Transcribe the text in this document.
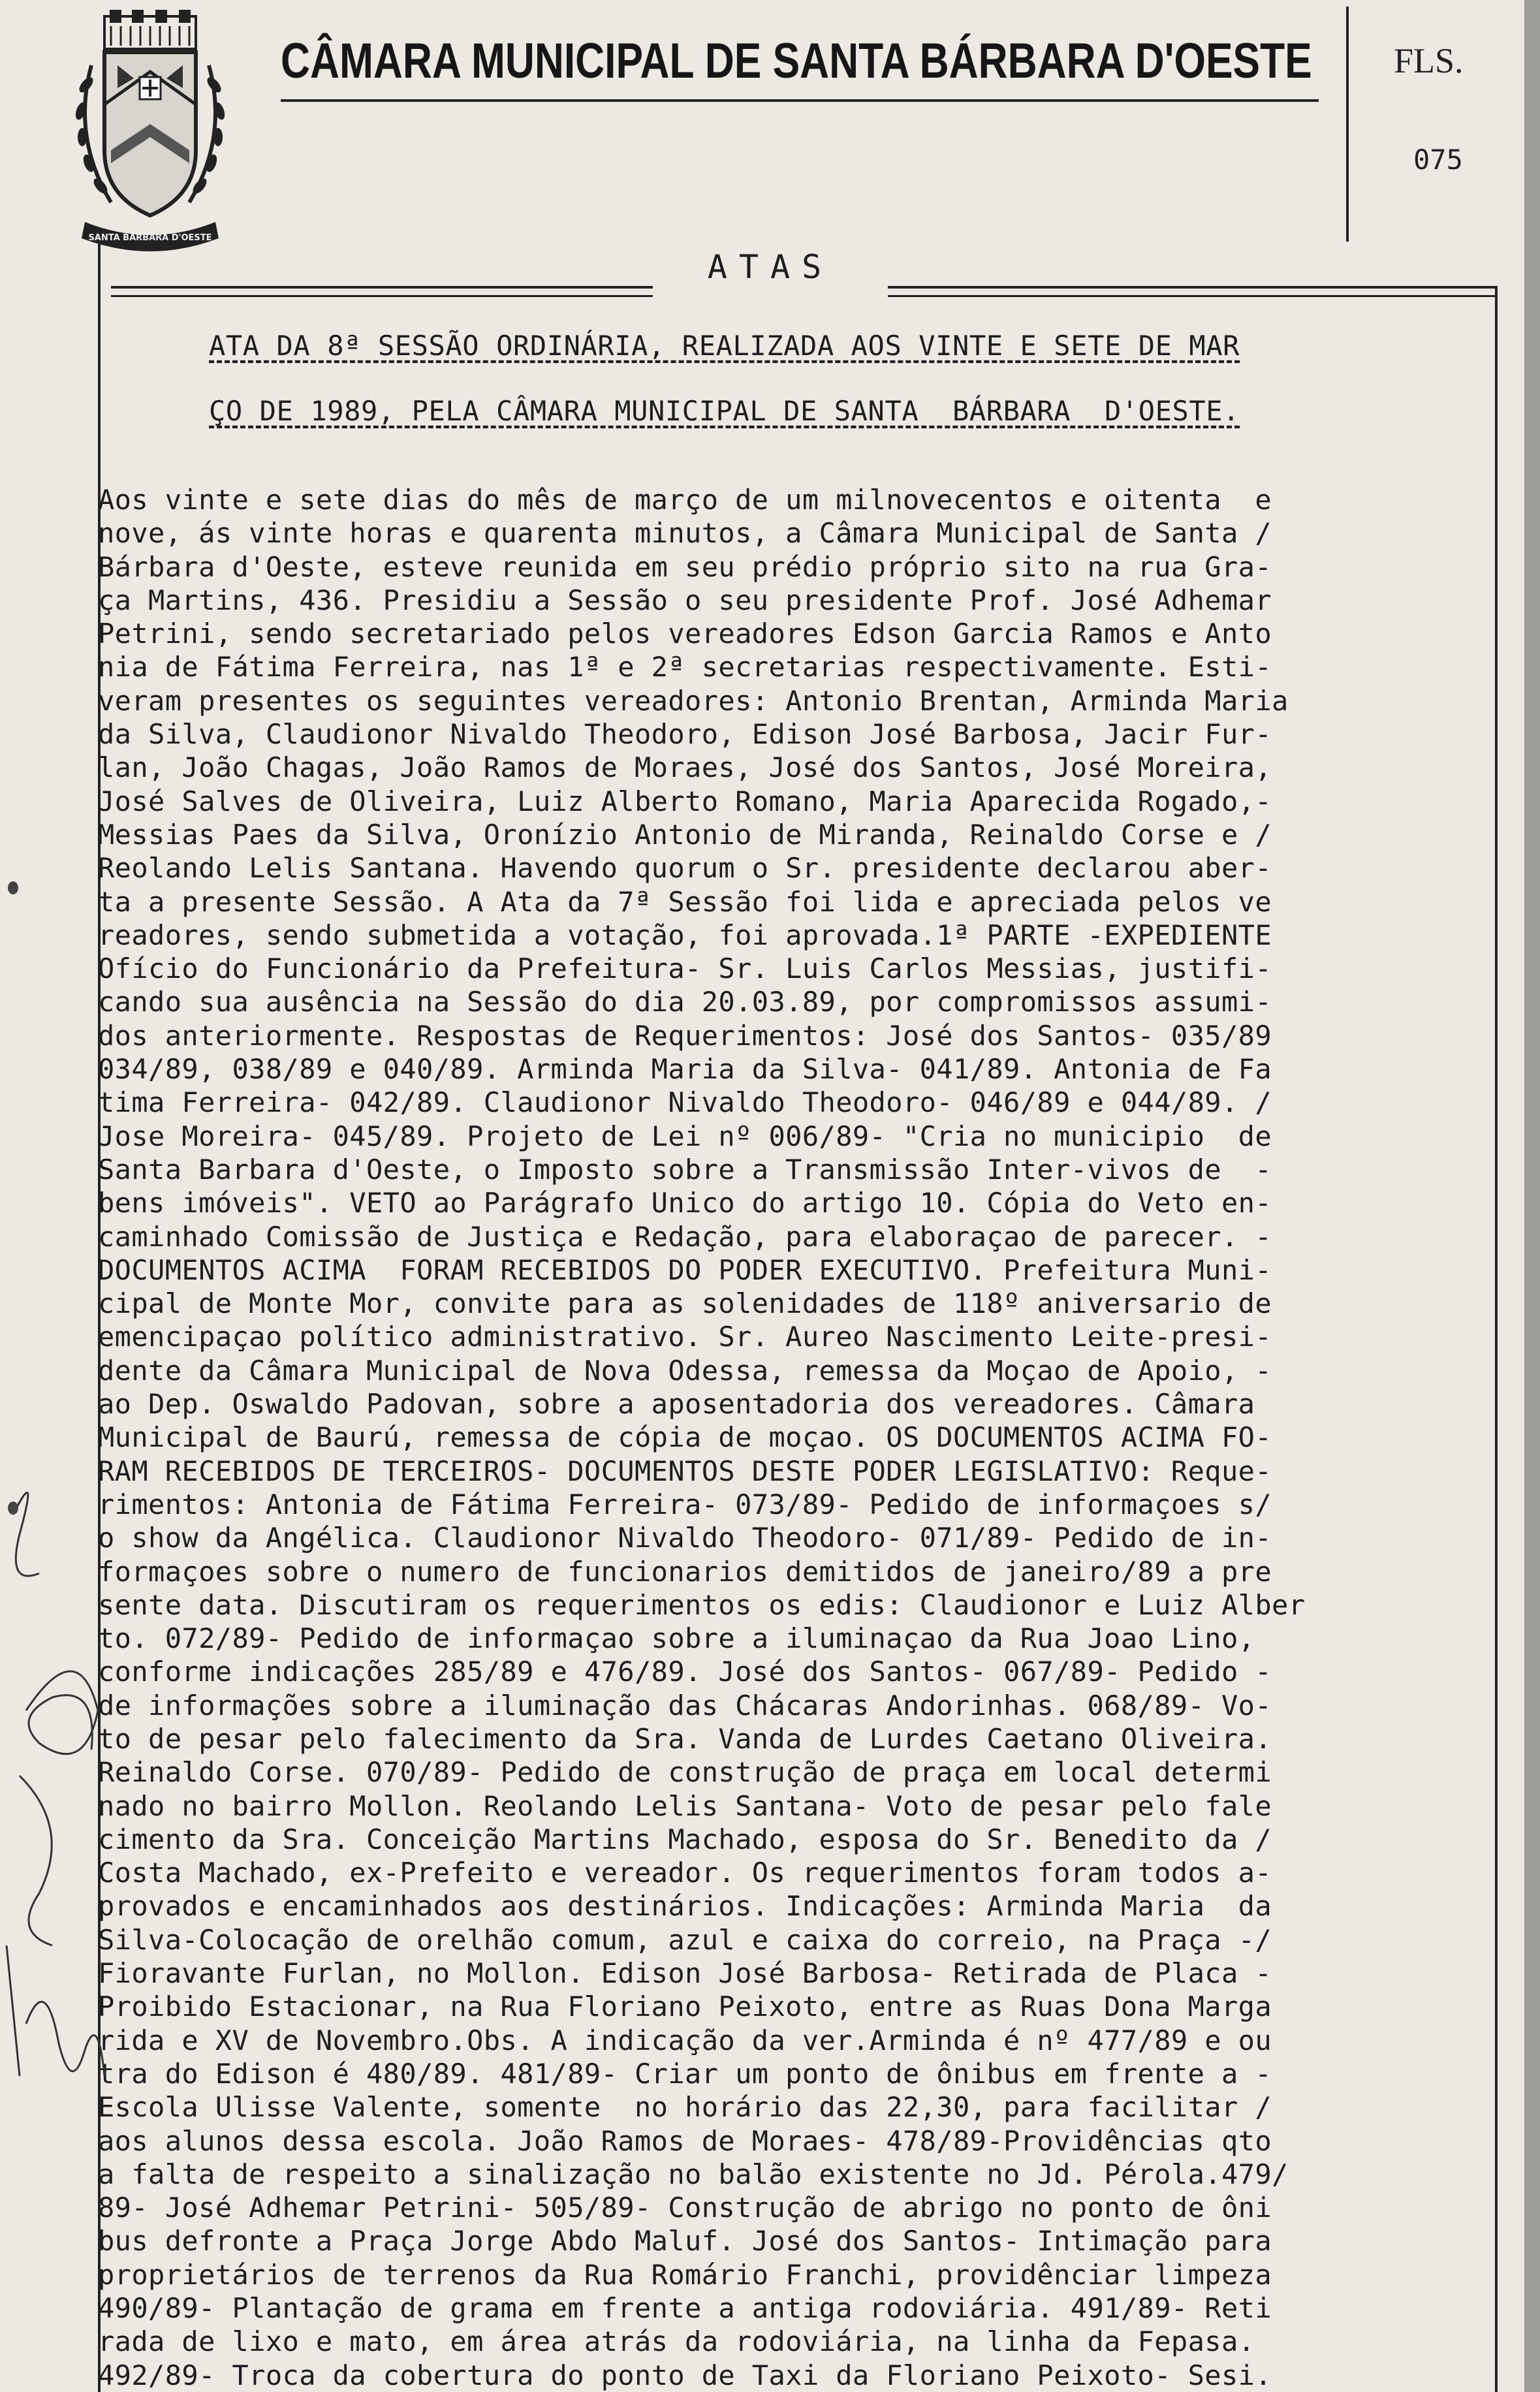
SANTA BÁRBARA D'OESTE
CÂMARA MUNICIPAL DE SANTA BÁRBARA D'OESTE FLS.
075
ATAS
ATA DA 8ª SESSÃO ORDINÁRIA, REALIZADA AOS VINTE E SETE DE MAR
ÇO DE 1989, PELA CÂMARA MUNICIPAL DE SANTA  BÁRBARA  D'OESTE.
Aos vinte e sete dias do mês de março de um milnovecentos e oitenta  e
nove, ás vinte horas e quarenta minutos, a Câmara Municipal de Santa /
Bárbara d'Oeste, esteve reunida em seu prédio próprio sito na rua Gra-
ça Martins, 436. Presidiu a Sessão o seu presidente Prof. José Adhemar
Petrini, sendo secretariado pelos vereadores Edson Garcia Ramos e Anto
nia de Fátima Ferreira, nas 1ª e 2ª secretarias respectivamente. Esti-
veram presentes os seguintes vereadores: Antonio Brentan, Arminda Maria
da Silva, Claudionor Nivaldo Theodoro, Edison José Barbosa, Jacir Fur-
lan, João Chagas, João Ramos de Moraes, José dos Santos, José Moreira,
José Salves de Oliveira, Luiz Alberto Romano, Maria Aparecida Rogado,-
Messias Paes da Silva, Oronízio Antonio de Miranda, Reinaldo Corse e /
Reolando Lelis Santana. Havendo quorum o Sr. presidente declarou aber-
ta a presente Sessão. A Ata da 7ª Sessão foi lida e apreciada pelos ve
readores, sendo submetida a votação, foi aprovada.1ª PARTE -EXPEDIENTE
Ofício do Funcionário da Prefeitura- Sr. Luis Carlos Messias, justifi-
cando sua ausência na Sessão do dia 20.03.89, por compromissos assumi-
dos anteriormente. Respostas de Requerimentos: José dos Santos- 035/89
034/89, 038/89 e 040/89. Arminda Maria da Silva- 041/89. Antonia de Fa
tima Ferreira- 042/89. Claudionor Nivaldo Theodoro- 046/89 e 044/89. /
Jose Moreira- 045/89. Projeto de Lei nº 006/89- "Cria no municipio  de
Santa Barbara d'Oeste, o Imposto sobre a Transmissão Inter-vivos de  -
bens imóveis". VETO ao Parágrafo Unico do artigo 10. Cópia do Veto en-
caminhado Comissão de Justiça e Redação, para elaboraçao de parecer. -
DOCUMENTOS ACIMA  FORAM RECEBIDOS DO PODER EXECUTIVO. Prefeitura Muni-
cipal de Monte Mor, convite para as solenidades de 118º aniversario de
emencipaçao político administrativo. Sr. Aureo Nascimento Leite-presi-
dente da Câmara Municipal de Nova Odessa, remessa da Moçao de Apoio, -
ao Dep. Oswaldo Padovan, sobre a aposentadoria dos vereadores. Câmara
Municipal de Baurú, remessa de cópia de moçao. OS DOCUMENTOS ACIMA FO-
RAM RECEBIDOS DE TERCEIROS- DOCUMENTOS DESTE PODER LEGISLATIVO: Reque-
rimentos: Antonia de Fátima Ferreira- 073/89- Pedido de informaçoes s/
o show da Angélica. Claudionor Nivaldo Theodoro- 071/89- Pedido de in-
formaçoes sobre o numero de funcionarios demitidos de janeiro/89 a pre
sente data. Discutiram os requerimentos os edis: Claudionor e Luiz Alber
to. 072/89- Pedido de informaçao sobre a iluminaçao da Rua Joao Lino,
conforme indicações 285/89 e 476/89. José dos Santos- 067/89- Pedido -
de informações sobre a iluminação das Chácaras Andorinhas. 068/89- Vo-
to de pesar pelo falecimento da Sra. Vanda de Lurdes Caetano Oliveira.
Reinaldo Corse. 070/89- Pedido de construção de praça em local determi
nado no bairro Mollon. Reolando Lelis Santana- Voto de pesar pelo fale
cimento da Sra. Conceição Martins Machado, esposa do Sr. Benedito da /
Costa Machado, ex-Prefeito e vereador. Os requerimentos foram todos a-
provados e encaminhados aos destinários. Indicações: Arminda Maria  da
Silva-Colocação de orelhão comum, azul e caixa do correio, na Praça -/
Fioravante Furlan, no Mollon. Edison José Barbosa- Retirada de Placa -
Proibido Estacionar, na Rua Floriano Peixoto, entre as Ruas Dona Marga
rida e XV de Novembro.Obs. A indicação da ver.Arminda é nº 477/89 e ou
tra do Edison é 480/89. 481/89- Criar um ponto de ônibus em frente a -
Escola Ulisse Valente, somente  no horário das 22,30, para facilitar /
aos alunos dessa escola. João Ramos de Moraes- 478/89-Providências qto
a falta de respeito a sinalização no balão existente no Jd. Pérola.479/
89- José Adhemar Petrini- 505/89- Construção de abrigo no ponto de ôni
bus defronte a Praça Jorge Abdo Maluf. José dos Santos- Intimação para
proprietários de terrenos da Rua Romário Franchi, providênciar limpeza
490/89- Plantação de grama em frente a antiga rodoviária. 491/89- Reti
rada de lixo e mato, em área atrás da rodoviária, na linha da Fepasa.
492/89- Troca da cobertura do ponto de Taxi da Floriano Peixoto- Sesi.
